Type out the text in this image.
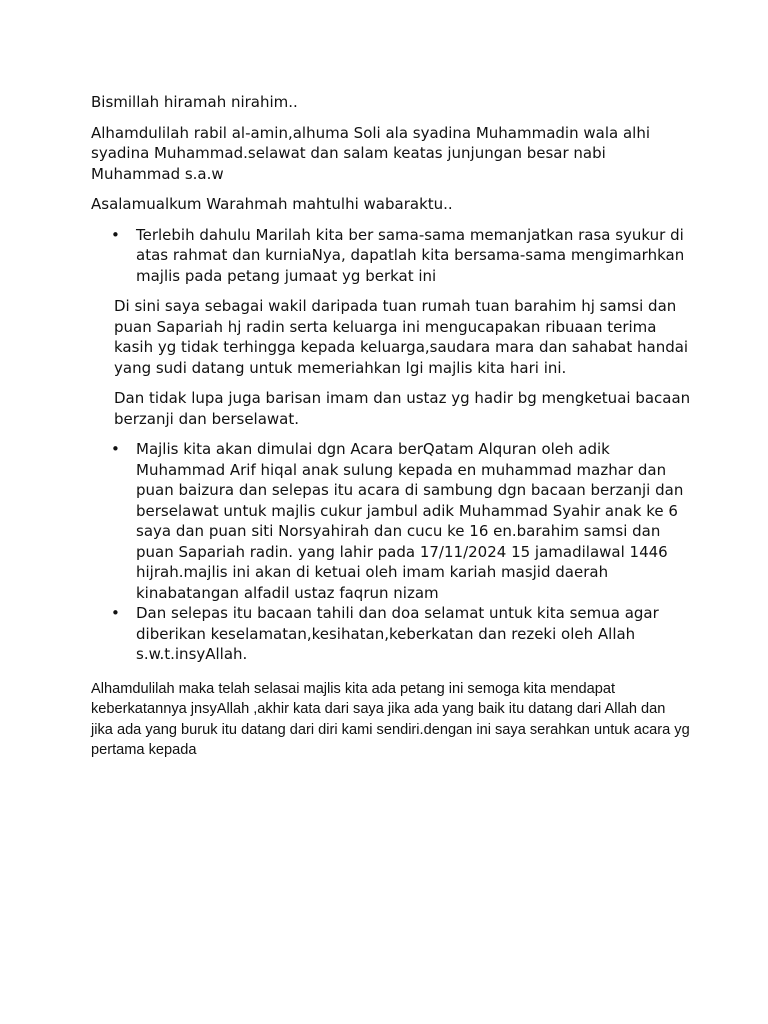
Bismillah hiramah nirahim..

Alhamdulilah rabil al-amin,alhuma Soli ala syadina Muhammadin wala alhi syadina Muhammad.selawat dan salam keatas junjungan besar nabi Muhammad s.a.w

Asalamualkum Warahmah mahtulhi wabaraktu..

• Terlebih dahulu Marilah kita ber sama-sama memanjatkan rasa syukur di atas rahmat dan kurniaNya, dapatlah kita bersama-sama mengimarhkan majlis pada petang jumaat yg berkat ini

Di sini saya sebagai wakil daripada tuan rumah tuan barahim hj samsi dan puan Sapariah hj radin serta keluarga ini mengucapakan ribuaan terima kasih yg tidak terhingga kepada keluarga,saudara mara dan sahabat handai yang sudi datang untuk memeriahkan lgi majlis kita hari ini.

Dan tidak lupa juga barisan imam dan ustaz yg hadir bg mengketuai bacaan berzanji dan berselawat.

• Majlis kita akan dimulai dgn Acara berQatam Alquran oleh adik Muhammad Arif hiqal anak sulung kepada en muhammad mazhar dan puan baizura dan selepas itu acara di sambung dgn bacaan berzanji dan berselawat untuk majlis cukur jambul adik Muhammad Syahir anak ke 6 saya dan puan siti Norsyahirah dan cucu ke 16 en.barahim samsi dan puan Sapariah radin. yang lahir pada 17/11/2024 15 jamadilawal 1446 hijrah.majlis ini akan di ketuai oleh imam kariah masjid daerah kinabatangan alfadil ustaz faqrun nizam
• Dan selepas itu bacaan tahili dan doa selamat untuk kita semua agar diberikan keselamatan,kesihatan,keberkatan dan rezeki oleh Allah s.w.t.insyAllah.

Alhamdulilah maka telah selasai majlis kita ada petang ini semoga kita mendapat keberkatannya jnsyAllah ,akhir kata dari saya jika ada yang baik itu datang dari Allah dan jika ada yang buruk itu datang dari diri kami sendiri.dengan ini saya serahkan untuk acara yg pertama kepada
